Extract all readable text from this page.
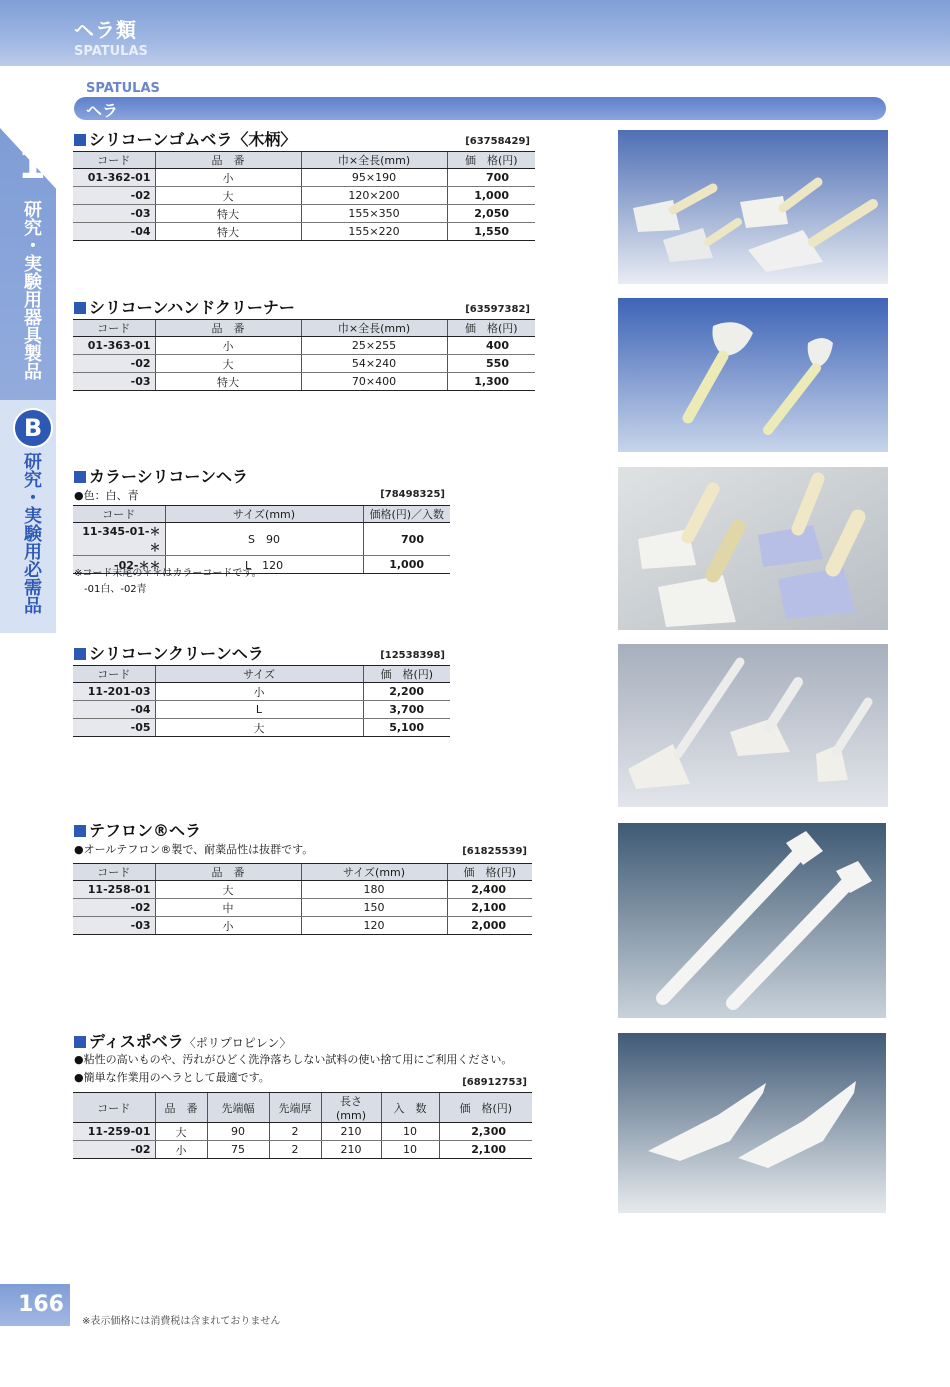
ヘラ類
SPATULAS
1
研究・実験用器具製品
B
研究・実験用必需品
SPATULAS
ヘラ
シリコーンゴムベラ〈木柄〉	[63758429]
コード	品　番	巾×全長(mm)	価　格(円)
01-362-01	小	95×190	700
-02	大	120×200	1,000
-03	特大	155×350	2,050
-04	特大	155×220	1,550
シリコーンハンドクリーナー	[63597382]
コード	品　番	巾×全長(mm)	価　格(円)
01-363-01	小	25×255	400
-02	大	54×240	550
-03	特大	70×400	1,300
カラーシリコーンヘラ
●色：白、青	[78498325]
コード	サイズ(mm)	価格(円)／入数
11-345-01-＊＊	S　90	700
-02-＊＊	L　120	1,000
※コード末尾の＊＊はカラーコードです。
-01白、-02青
シリコーンクリーンヘラ	[12538398]
コード	サイズ	価　格(円)
11-201-03	小	2,200
-04	L	3,700
-05	大	5,100
テフロン®ヘラ
●オールテフロン®製で、耐薬品性は抜群です。	[61825539]
コード	品　番	サイズ(mm)	価　格(円)
11-258-01	大	180	2,400
-02	中	150	2,100
-03	小	120	2,000
ディスポベラ〈ポリプロピレン〉
●粘性の高いものや、汚れがひどく洗浄落ちしない試料の使い捨て用にご利用ください。
●簡単な作業用のヘラとして最適です。	[68912753]
コード	品　番	先端幅	先端厚	長さ(mm)	入　数	価　格(円)
11-259-01	大	90	2	210	10	2,300
-02	小	75	2	210	10	2,100
166
※表示価格には消費税は含まれておりません
